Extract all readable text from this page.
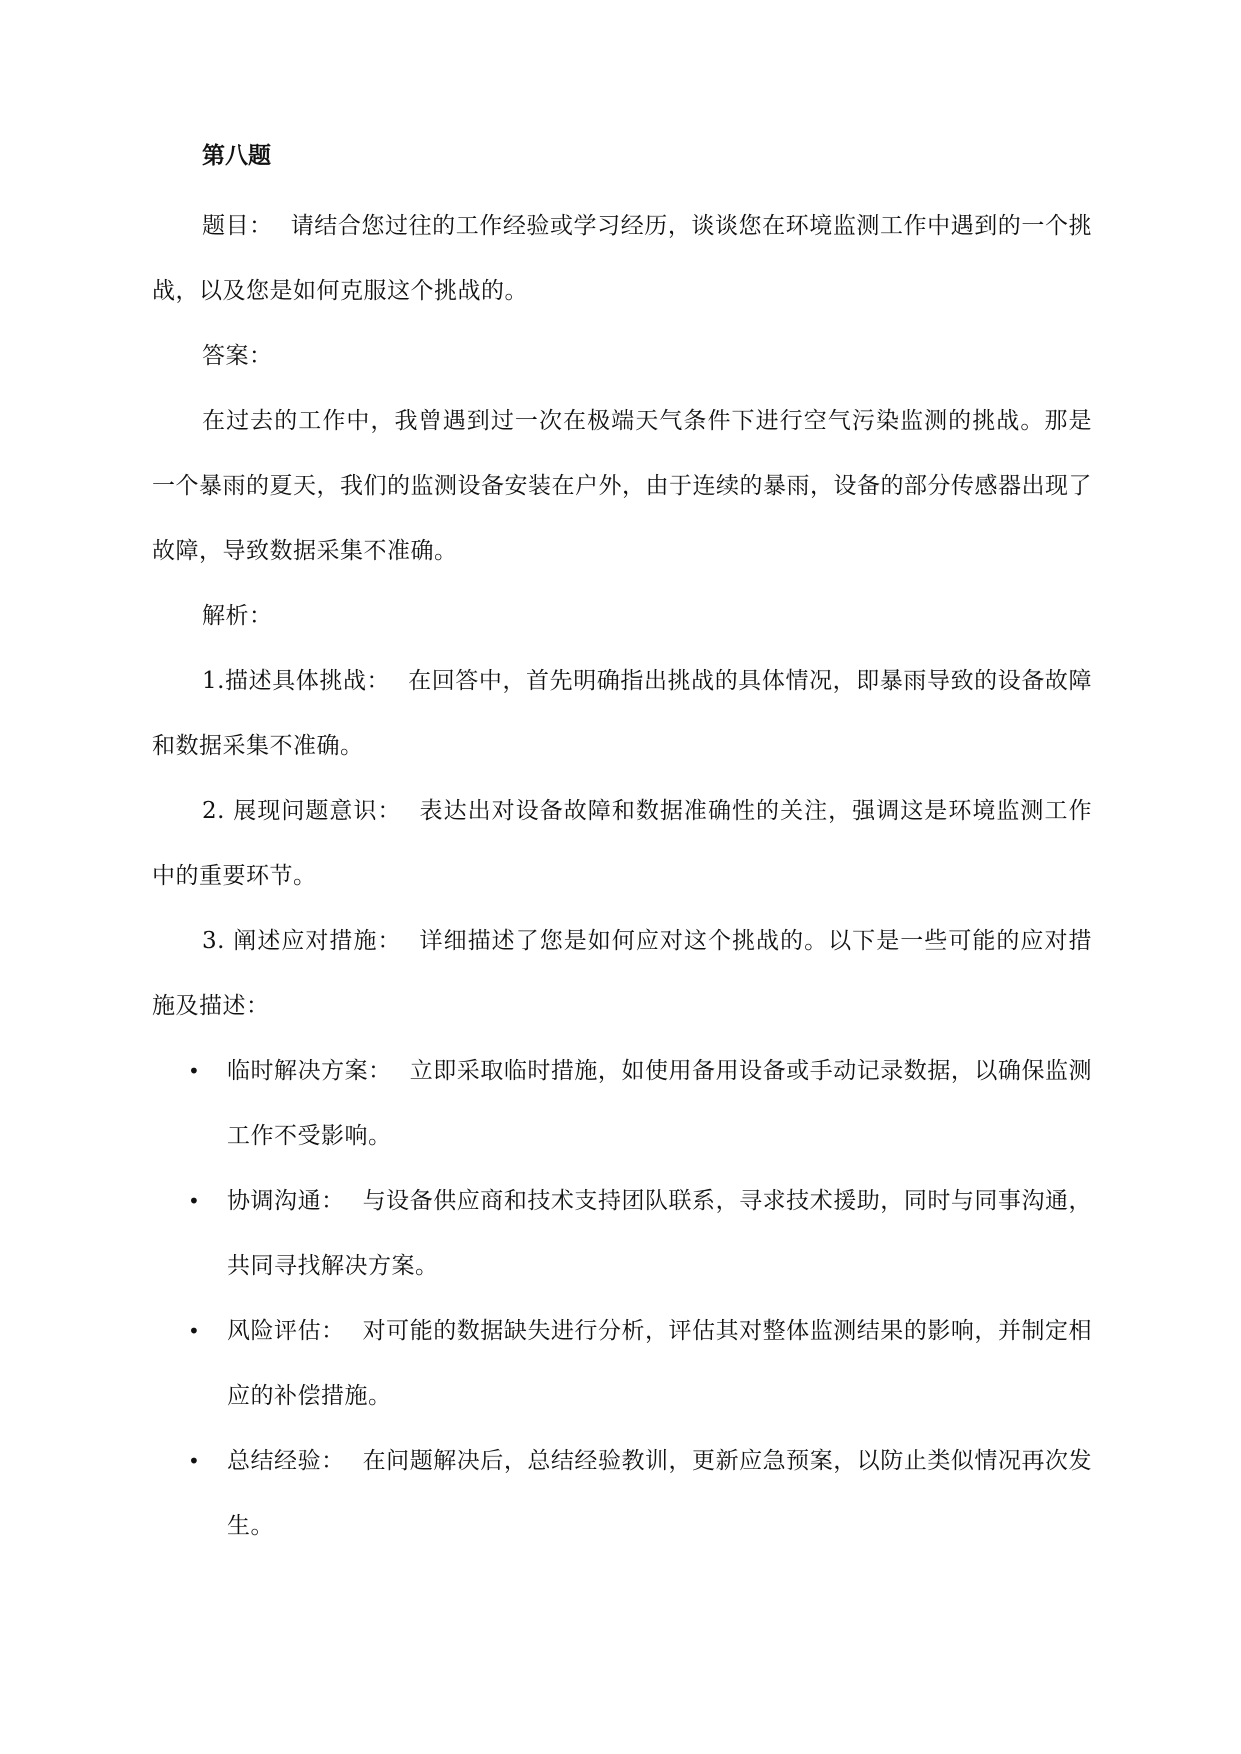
第八题

题目： 请结合您过往的工作经验或学习经历，谈谈您在环境监测工作中遇到的一个挑战，以及您是如何克服这个挑战的。

答案：

在过去的工作中，我曾遇到过一次在极端天气条件下进行空气污染监测的挑战。那是一个暴雨的夏天，我们的监测设备安装在户外，由于连续的暴雨，设备的部分传感器出现了故障，导致数据采集不准确。

解析：

1.描述具体挑战： 在回答中，首先明确指出挑战的具体情况，即暴雨导致的设备故障和数据采集不准确。

2. 展现问题意识： 表达出对设备故障和数据准确性的关注，强调这是环境监测工作中的重要环节。

3. 阐述应对措施： 详细描述了您是如何应对这个挑战的。以下是一些可能的应对措施及描述：

• 临时解决方案： 立即采取临时措施，如使用备用设备或手动记录数据，以确保监测工作不受影响。
• 协调沟通： 与设备供应商和技术支持团队联系，寻求技术援助，同时与同事沟通，共同寻找解决方案。
• 风险评估： 对可能的数据缺失进行分析，评估其对整体监测结果的影响，并制定相应的补偿措施。
• 总结经验： 在问题解决后，总结经验教训，更新应急预案，以防止类似情况再次发生。
